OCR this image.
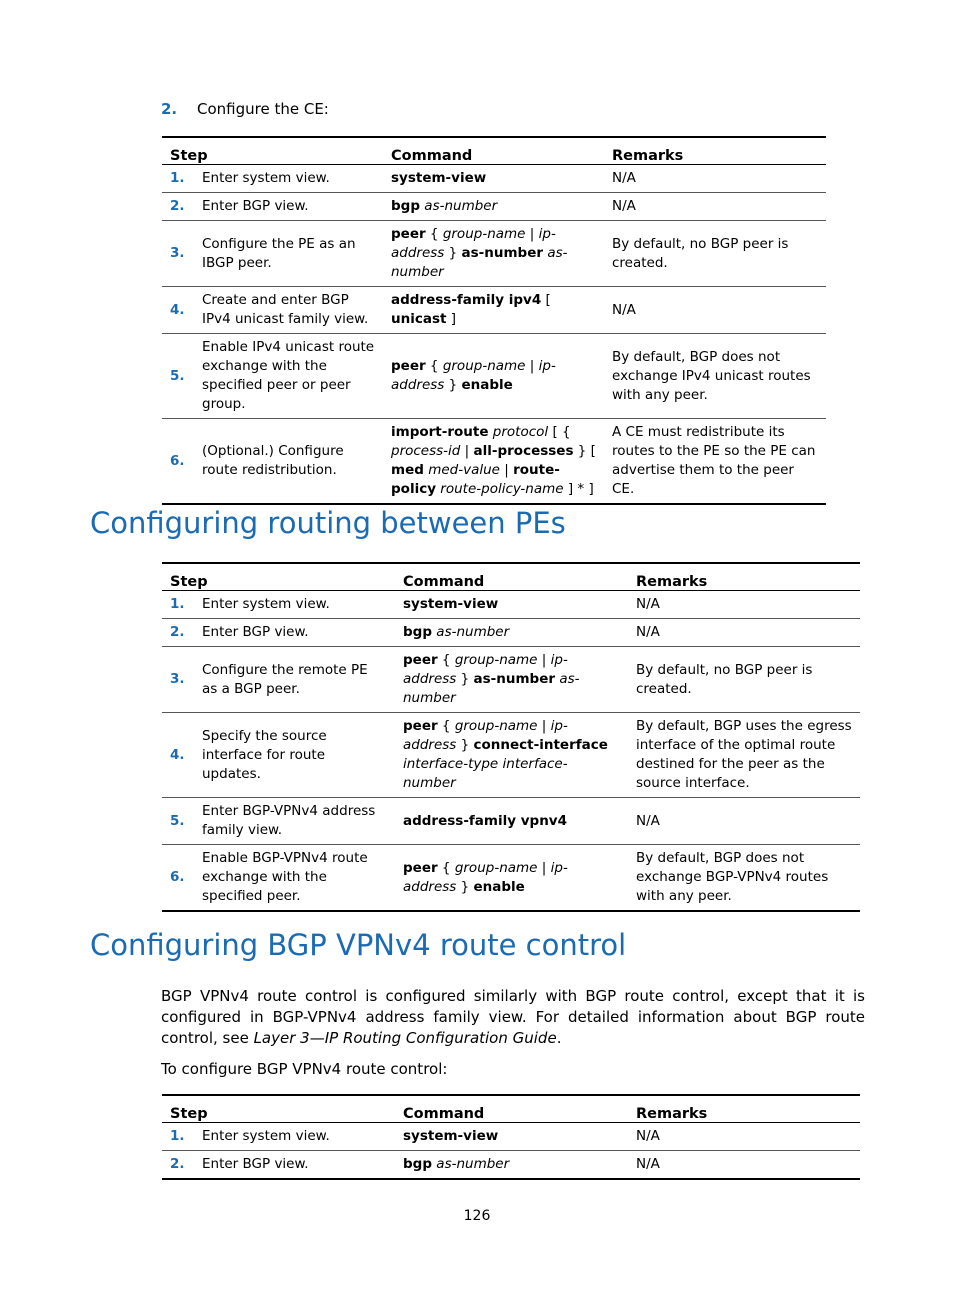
2. Configure the CE:
Step		Command	Remarks
1.	Enter system view.	system-view	N/A
2.	Enter BGP view.	bgp as-number	N/A
3.	Configure the PE as an IBGP peer.	peer { group-name | ip-address } as-number as-number	By default, no BGP peer is created.
4.	Create and enter BGP IPv4 unicast family view.	address-family ipv4 [ unicast ]	N/A
5.	Enable IPv4 unicast route exchange with the specified peer or peer group.	peer { group-name | ip-address } enable	By default, BGP does not exchange IPv4 unicast routes with any peer.
6.	(Optional.) Configure route redistribution.	import-route protocol [ { process-id | all-processes } [ med med-value | route-policy route-policy-name ] * ]	A CE must redistribute its routes to the PE so the PE can advertise them to the peer CE.
Configuring routing between PEs
Step		Command	Remarks
1.	Enter system view.	system-view	N/A
2.	Enter BGP view.	bgp as-number	N/A
3.	Configure the remote PE as a BGP peer.	peer { group-name | ip-address } as-number as-number	By default, no BGP peer is created.
4.	Specify the source interface for route updates.	peer { group-name | ip-address } connect-interface interface-type interface-number	By default, BGP uses the egress interface of the optimal route destined for the peer as the source interface.
5.	Enter BGP-VPNv4 address family view.	address-family vpnv4	N/A
6.	Enable BGP-VPNv4 route exchange with the specified peer.	peer { group-name | ip-address } enable	By default, BGP does not exchange BGP-VPNv4 routes with any peer.
Configuring BGP VPNv4 route control

BGP VPNv4 route control is configured similarly with BGP route control, except that it is configured in BGP-VPNv4 address family view. For detailed information about BGP route control, see Layer 3—IP Routing Configuration Guide.

To configure BGP VPNv4 route control:

Step		Command	Remarks
1.	Enter system view.	system-view	N/A
2.	Enter BGP view.	bgp as-number	N/A
126
